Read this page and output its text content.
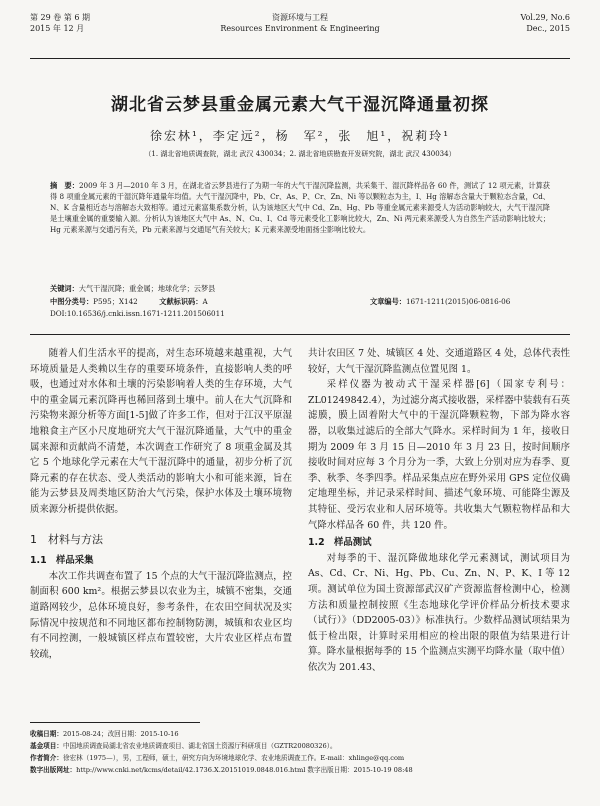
第 29 卷 第 6 期
2015 年 12 月
资源环境与工程
Resources Environment & Engineering
Vol.29, No.6
Dec., 2015
湖北省云梦县重金属元素大气干湿沉降通量初探
徐宏林¹，李定远²，杨　军²，张　旭¹，祝莉玲¹
（1. 湖北省地质调查院，湖北 武汉 430034；2. 湖北省地质勘查开发研究院，湖北 武汉 430034）
摘　要：2009 年 3 月—2010 年 3 月，在湖北省云梦县进行了为期一年的大气干湿沉降监测，共采集干、湿沉降样品各 60 件，测试了 12 项元素，计算获得 8 项重金属元素的干湿沉降年通量年均值。大气干湿沉降中，Pb、Cr、As、P、Cr、Zn、Ni 等以颗粒态为主，I、Hg 溶解态含量大于颗粒态含量，Cd、N、K 含量相近态与溶解态大致相等。通过元素富集系数分析，认为该地区大气中 Cd、Zn、Hg、Pb 等重金属元素来源受人为活动影响较大，大气干湿沉降是土壤重金属的重要输入源。分析认为该地区大气中 As、N、Cu、I、Cd 等元素受化工影响比较大，Zn、Ni 两元素来源受人为自然生产活动影响比较大；Hg 元素来源与交通污有关，Pb 元素来源与交通尾气有关较大；K 元素来源受地面扬尘影响比较大。
关键词：大气干湿沉降；重金属；地球化学；云梦县
中图分类号：P595；X142　　　	文献标识码：A	文章编号：1671-1211(2015)06-0816-06
DOI:10.16536/j.cnki.issn.1671-1211.201506011

随着人们生活水平的提高，对生态环境越来越重视，大气环境质量是人类赖以生存的重要环境条件，直接影响人类的呼吸，也通过对水体和土壤的污染影响着人类的生存环境，大气中的重金属元素沉降再也稀回落到土壤中。前人在大气沉降和污染物来源分析等方面[1-5]做了许多工作，但对于江汉平原湿地粮食主产区小尺度地研究大气干湿沉降通量，大气中的重金属来源和贡献尚不清楚，本次调查工作研究了 8 项重金属及其它 5 个地球化学元素在大气干湿沉降中的通量，初步分析了沉降元素的存在状态、受人类活动的影响大小和可能来源，旨在能为云梦县及周类地区防治大气污染，保护水体及土壤环境物质来源分析提供依据。

1　材料与方法
1.1　样品采集

本次工作共调查布置了 15 个点的大气干湿沉降监测点，控制面积 600 km²。根据云梦县以农业为主，城镇不密集，交通道路网较少，总体环境良好，参考条件，在农田空间状况及实际情况中按规范和不同地区都布控制物防测，城镇和农业区均有不同控测，一般城镇区样点布置较密，大片农业区样点布置较疏，

共计农田区 7 处、城镇区 4 处、交通道路区 4 处，总体代表性较好，大气干湿沉降监测点位置见图 1。

采样仪器为被动式干湿采样器[6]（国家专利号：ZL01249842.4），为过滤分离式接收器，采样器中装载有石英滤膜，膜上固着附大气中的干湿沉降颗粒物，下部为降水容器，以收集过滤后的全部大气降水。采样时间为 1 年，接收日期为 2009 年 3 月 15 日—2010 年 3 月 23 日，按时间顺序接收时间对应每 3 个月分为一季，大致上分别对应为春季、夏季、秋季、冬季四季。样品采集点应在野外采用 GPS 定位仪确定地理坐标，并记录采样时间、描述气象环境、可能降尘源及其特征、受污农业和人居环境等。共收集大气颗粒物样品和大气降水样品各 60 件，共 120 件。

1.2　样品测试

对每季的干、湿沉降做地球化学元素测试，测试项目为 As、Cd、Cr、Ni、Hg、Pb、Cu、Zn、N、P、K、I 等 12 项。测试单位为国土资源部武汉矿产资源监督检测中心，检测方法和质量控制按照《生态地球化学评价样品分析技术要求（试行）》（DD2005-03）》标准执行。少数样品测试项结果为低于检出限，计算时采用相应的检出限的限值为结果进行计算。降水量根据每季的 15 个监测点实测平均降水量（取中值）依次为 201.43、

收稿日期：2015-08-24；改回日期：2015-10-16
基金项目：中国地质调查局湖北省农业地质调查项目、湖北省国土资源厅科研项目（GZTR20080326）。
作者简介：徐宏林（1975—），男，工程师，硕士，研究方向为环境地球化学、农业地质调查工作。E-mail：xhlinge@qq.com
数字出版网址：http://www.cnki.net/kcms/detail/42.1736.X.20151019.0848.016.html 数字出版日期：2015-10-19 08:48
